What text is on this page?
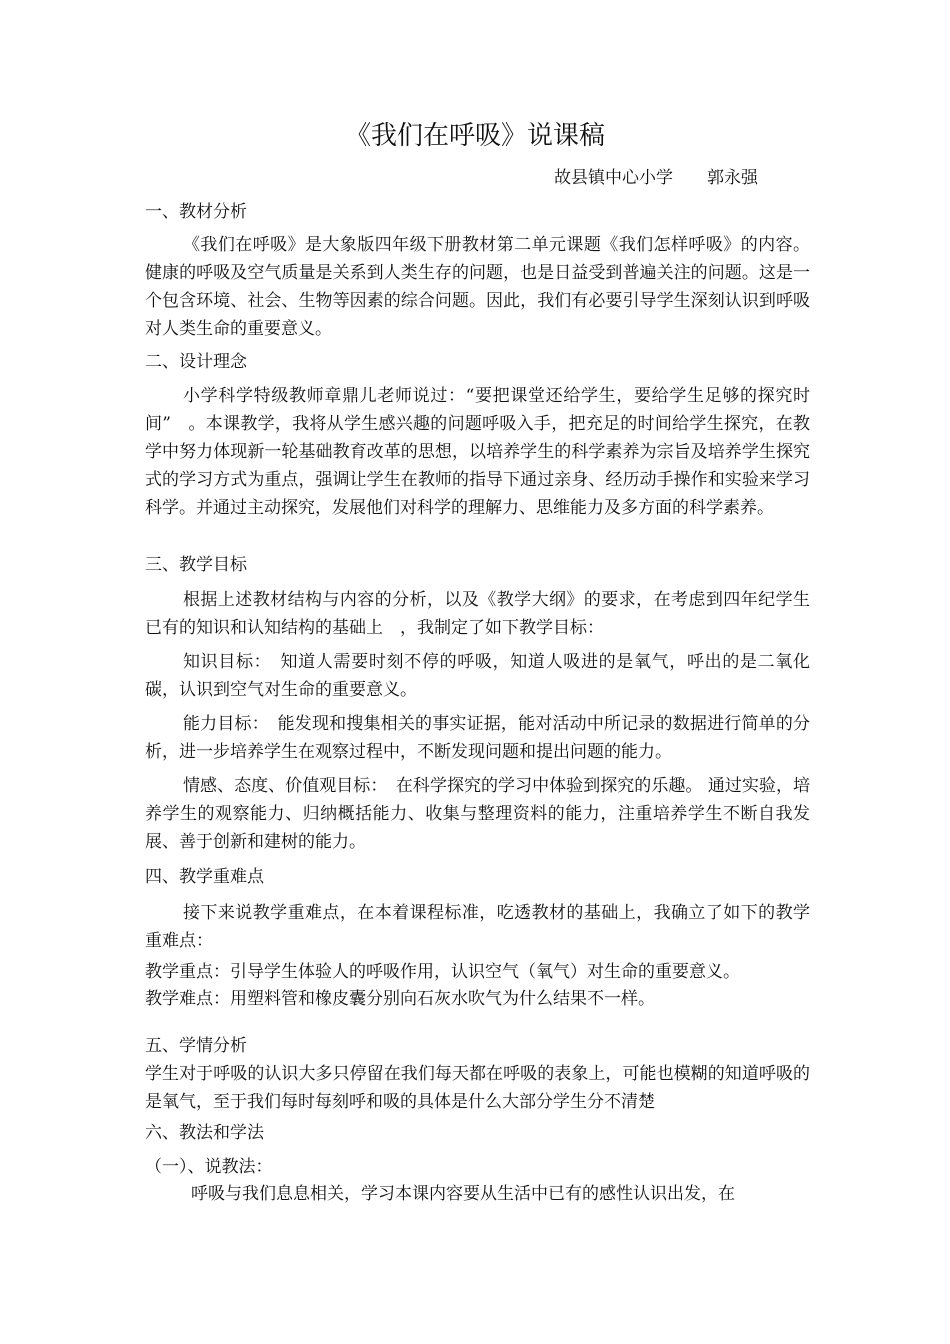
《我们在呼吸》说课稿
故县镇中心小学　　郭永强
一、教材分析
《我们在呼吸》是大象版四年级下册教材第二单元课题《我们怎样呼吸》的内容。健康的呼吸及空气质量是关系到人类生存的问题，也是日益受到普遍关注的问题。这是一个包含环境、社会、生物等因素的综合问题。因此，我们有必要引导学生深刻认识到呼吸对人类生命的重要意义。
二、设计理念
小学科学特级教师章鼎儿老师说过：“要把课堂还给学生，要给学生足够的探究时间”　。本课教学，我将从学生感兴趣的问题呼吸入手，把充足的时间给学生探究，在教学中努力体现新一轮基础教育改革的思想，以培养学生的科学素养为宗旨及培养学生探究式的学习方式为重点，强调让学生在教师的指导下通过亲身、经历动手操作和实验来学习科学。并通过主动探究，发展他们对科学的理解力、思维能力及多方面的科学素养。
三、教学目标
根据上述教材结构与内容的分析，以及《教学大纲》的要求，在考虑到四年纪学生已有的知识和认知结构的基础上　，我制定了如下教学目标：
知识目标：　知道人需要时刻不停的呼吸，知道人吸进的是氧气，呼出的是二氧化碳，认识到空气对生命的重要意义。
能力目标：　能发现和搜集相关的事实证据，能对活动中所记录的数据进行简单的分析，进一步培养学生在观察过程中，不断发现问题和提出问题的能力。
情感、态度、价值观目标：　在科学探究的学习中体验到探究的乐趣。 通过实验，培养学生的观察能力、归纳概括能力、收集与整理资料的能力，注重培养学生不断自我发展、善于创新和建树的能力。
四、教学重难点
接下来说教学重难点，在本着课程标准，吃透教材的基础上，我确立了如下的教学重难点：
教学重点：引导学生体验人的呼吸作用，认识空气（氧气）对生命的重要意义。
教学难点：用塑料管和橡皮囊分别向石灰水吹气为什么结果不一样。
五、学情分析
学生对于呼吸的认识大多只停留在我们每天都在呼吸的表象上，可能也模糊的知道呼吸的是氧气，至于我们每时每刻呼和吸的具体是什么大部分学生分不清楚
六、教法和学法
（一）、说教法：
呼吸与我们息息相关，学习本课内容要从生活中已有的感性认识出发，在
